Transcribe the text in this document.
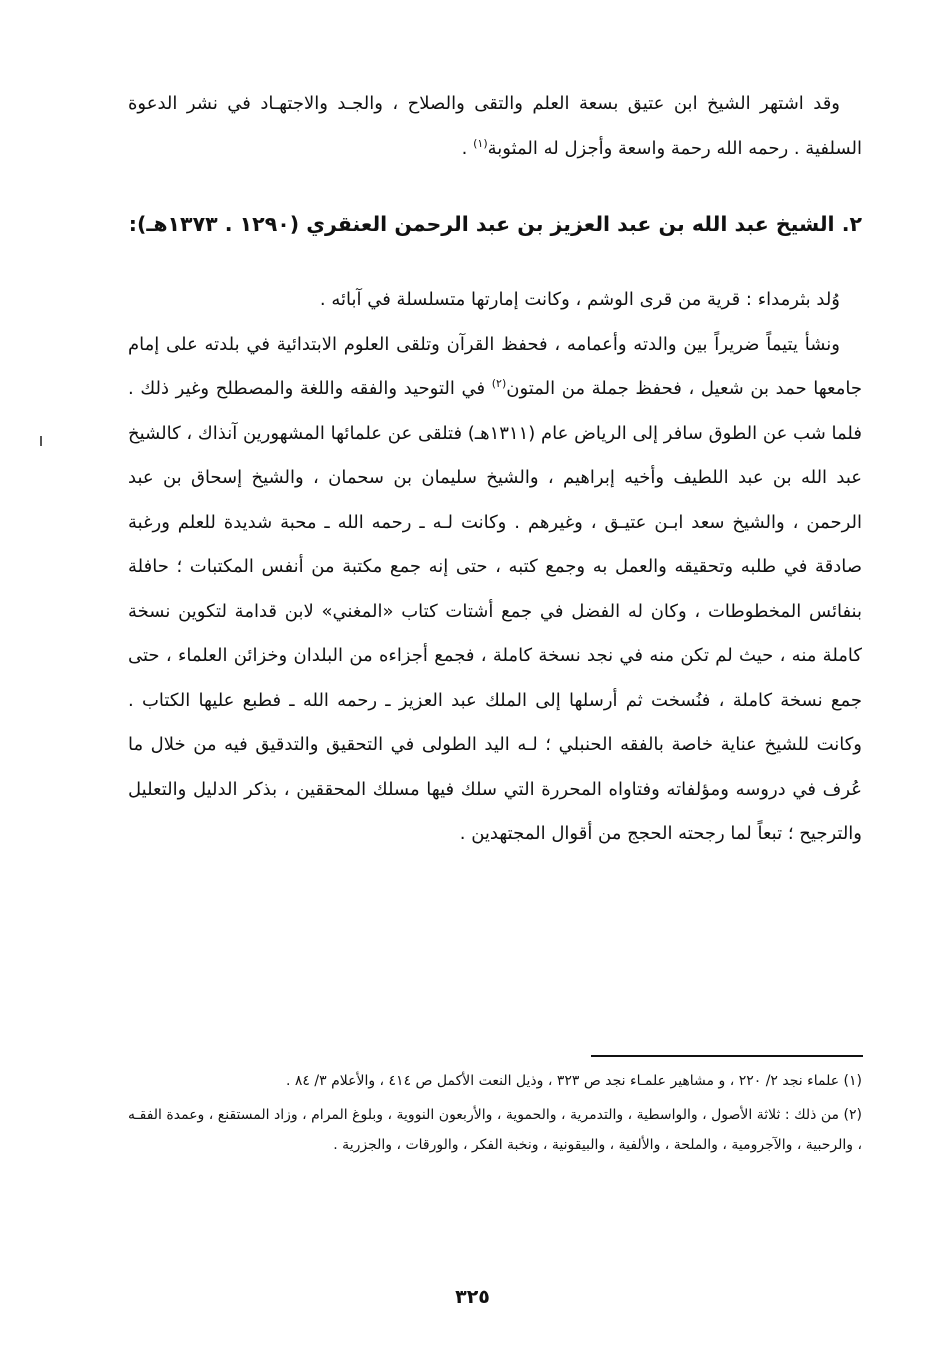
وقد اشتهر الشيخ ابن عتيق بسعة العلم والتقى والصلاح ، والجـد والاجتهـاد في نشر الدعوة السلفية . رحمه الله رحمة واسعة وأجزل له المثوبة$^{(١)}$ .

٢. الشيخ عبد الله بن عبد العزيز بن عبد الرحمن العنقري (١٢٩٠ . ١٣٧٣هـ):

وُلد بثرمداء : قرية من قرى الوشم ، وكانت إمارتها متسلسلة في آبائه .

ونشأ يتيماً ضريراً بين والدته وأعمامه ، فحفظ القرآن وتلقى العلوم الابتدائية في بلدته على إمام جامعها حمد بن شعيل ، فحفظ جملة من المتون$^{(٢)}$ في التوحيد والفقه واللغة والمصطلح وغير ذلك . فلما شب عن الطوق سافر إلى الرياض عام (١٣١١هـ) فتلقى عن علمائها المشهورين آنذاك ، كالشيخ عبد الله بن عبد اللطيف وأخيه إبراهيم ، والشيخ سليمان بن سحمان ، والشيخ إسحاق بن عبد الرحمن ، والشيخ سعد ابـن عتيـق ، وغيرهم . وكانت لـه ـ رحمه الله ـ محبة شديدة للعلم ورغبة صادقة في طلبه وتحقيقه والعمل به وجمع كتبه ، حتى إنه جمع مكتبة من أنفس المكتبات ؛ حافلة بنفائس المخطوطات ، وكان له الفضل في جمع أشتات كتاب «المغني» لابن قدامة لتكوين نسخة كاملة منه ، حيث لم تكن منه في نجد نسخة كاملة ، فجمع أجزاءه من البلدان وخزائن العلماء ، حتى جمع نسخة كاملة ، فنُسخت ثم أرسلها إلى الملك عبد العزيز ـ رحمه الله ـ فطبع عليها الكتاب . وكانت للشيخ عناية خاصة بالفقه الحنبلي ؛ لـه اليد الطولى في التحقيق والتدقيق فيه من خلال ما عُرف في دروسه ومؤلفاته وفتاواه المحررة التي سلك فيها مسلك المحققين ، بذكر الدليل والتعليل والترجيح ؛ تبعاً لما رجحته الحجج من أقوال المجتهدين .

(١) علماء نجد ٢/ ٢٢٠ ، و مشاهير علمـاء نجد ص ٣٢٣ ، وذيل النعت الأكمل ص ٤١٤ ، والأعلام ٣/ ٨٤ .

(٢) من ذلك : ثلاثة الأصول ، والواسطية ، والتدمرية ، والحموية ، والأربعون النووية ، وبلوغ المرام ، وزاد المستقنع ، وعمدة الفقـه ، والرحبية ، والآجرومية ، والملحة ، والألفية ، والبيقونية ، ونخبة الفكر ، والورقات ، والجزرية .

٣٢٥
